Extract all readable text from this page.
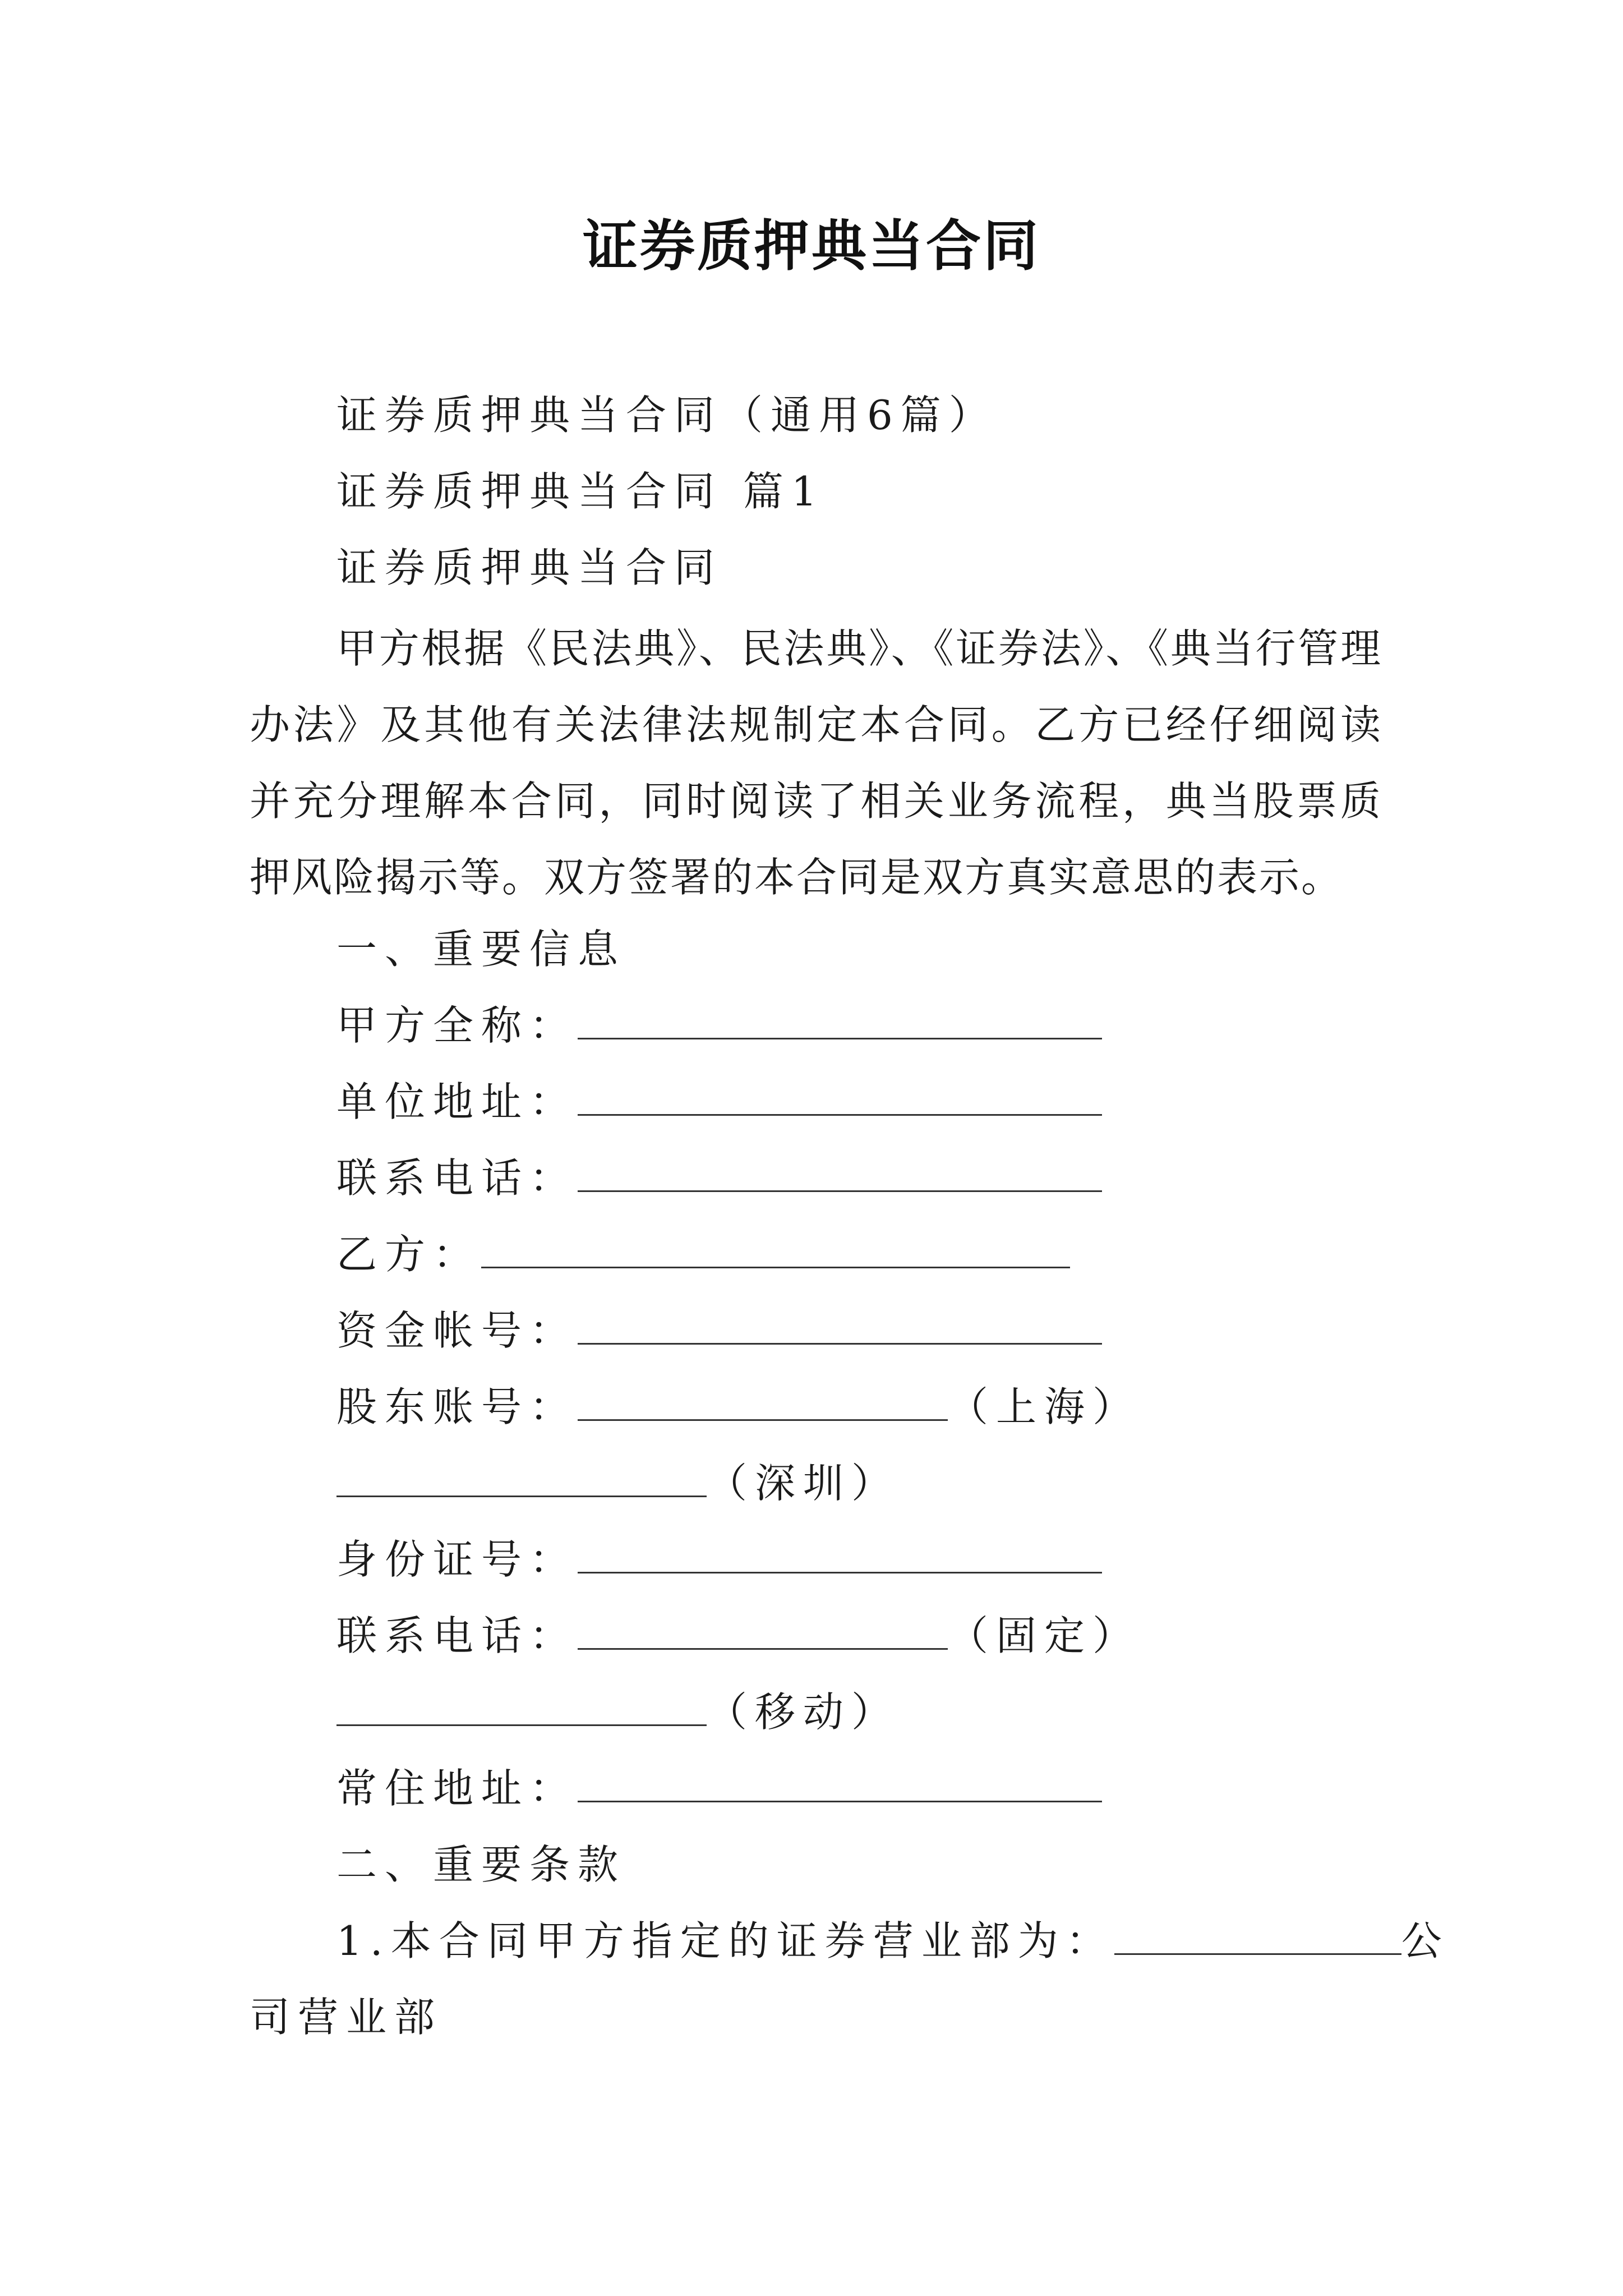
证券质押典当合同
证券质押典当合同（通用6篇）
证券质押典当合同 篇1
证券质押典当合同
甲方根据《民法典》、民法典》、《证券法》、《典当行管理办法》及其他有关法律法规制定本合同。乙方已经仔细阅读并充分理解本合同，同时阅读了相关业务流程，典当股票质押风险揭示等。双方签署的本合同是双方真实意思的表示。
一、重要信息
甲方全称：
单位地址：
联系电话：
乙方：
资金帐号：
股东账号：	（上海）
（深圳）
身份证号：
联系电话：	（固定）
（移动）
常住地址：
二、重要条款
1.本合同甲方指定的证券营业部为：	公
司营业部
